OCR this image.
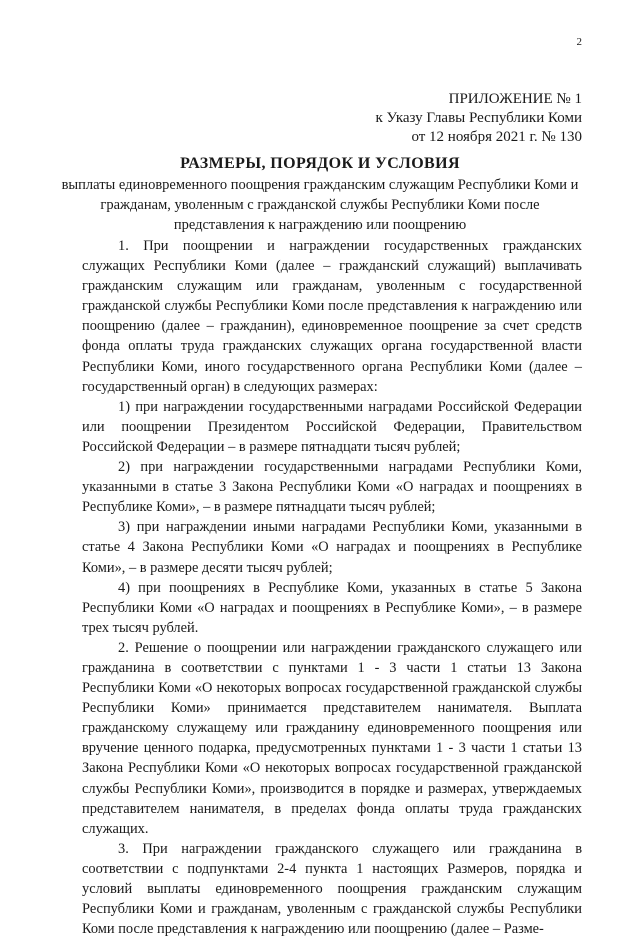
2
ПРИЛОЖЕНИЕ № 1
к Указу Главы Республики Коми
от 12 ноября 2021 г. № 130
РАЗМЕРЫ, ПОРЯДОК И УСЛОВИЯ
выплаты единовременного поощрения гражданским служащим Республики Коми и гражданам, уволенным с гражданской службы Республики Коми после представления к награждению или поощрению

1. При поощрении и награждении государственных гражданских служащих Республики Коми (далее – гражданский служащий) выплачивать гражданским служащим или гражданам, уволенным с государственной гражданской службы Республики Коми после представления к награждению или поощрению (далее – гражданин), единовременное поощрение за счет средств фонда оплаты труда гражданских служащих органа государственной власти Республики Коми, иного государственного органа Республики Коми (далее – государственный орган) в следующих размерах:

1) при награждении государственными наградами Российской Федерации или поощрении Президентом Российской Федерации, Правительством Российской Федерации – в размере пятнадцати тысяч рублей;

2) при награждении государственными наградами Республики Коми, указанными в статье 3 Закона Республики Коми «О наградах и поощрениях в Республике Коми», – в размере пятнадцати тысяч рублей;

3) при награждении иными наградами Республики Коми, указанными в статье 4 Закона Республики Коми «О наградах и поощрениях в Республике Коми», – в размере десяти тысяч рублей;

4) при поощрениях в Республике Коми, указанных в статье 5 Закона Республики Коми «О наградах и поощрениях в Республике Коми», – в размере трех тысяч рублей.

2. Решение о поощрении или награждении гражданского служащего или гражданина в соответствии с пунктами 1 - 3 части 1 статьи 13 Закона Республики Коми «О некоторых вопросах государственной гражданской службы Республики Коми» принимается представителем нанимателя. Выплата гражданскому служащему или гражданину единовременного поощрения или вручение ценного подарка, предусмотренных пунктами 1 - 3 части 1 статьи 13 Закона Республики Коми «О некоторых вопросах государственной гражданской службы Республики Коми», производится в порядке и размерах, утверждаемых представителем нанимателя, в пределах фонда оплаты труда гражданских служащих.

3. При награждении гражданского служащего или гражданина в соответствии с подпунктами 2-4 пункта 1 настоящих Размеров, порядка и условий выплаты единовременного поощрения гражданским служащим Республики Коми и гражданам, уволенным с гражданской службы Республики Коми после представления к награждению или поощрению (далее – Разме-
